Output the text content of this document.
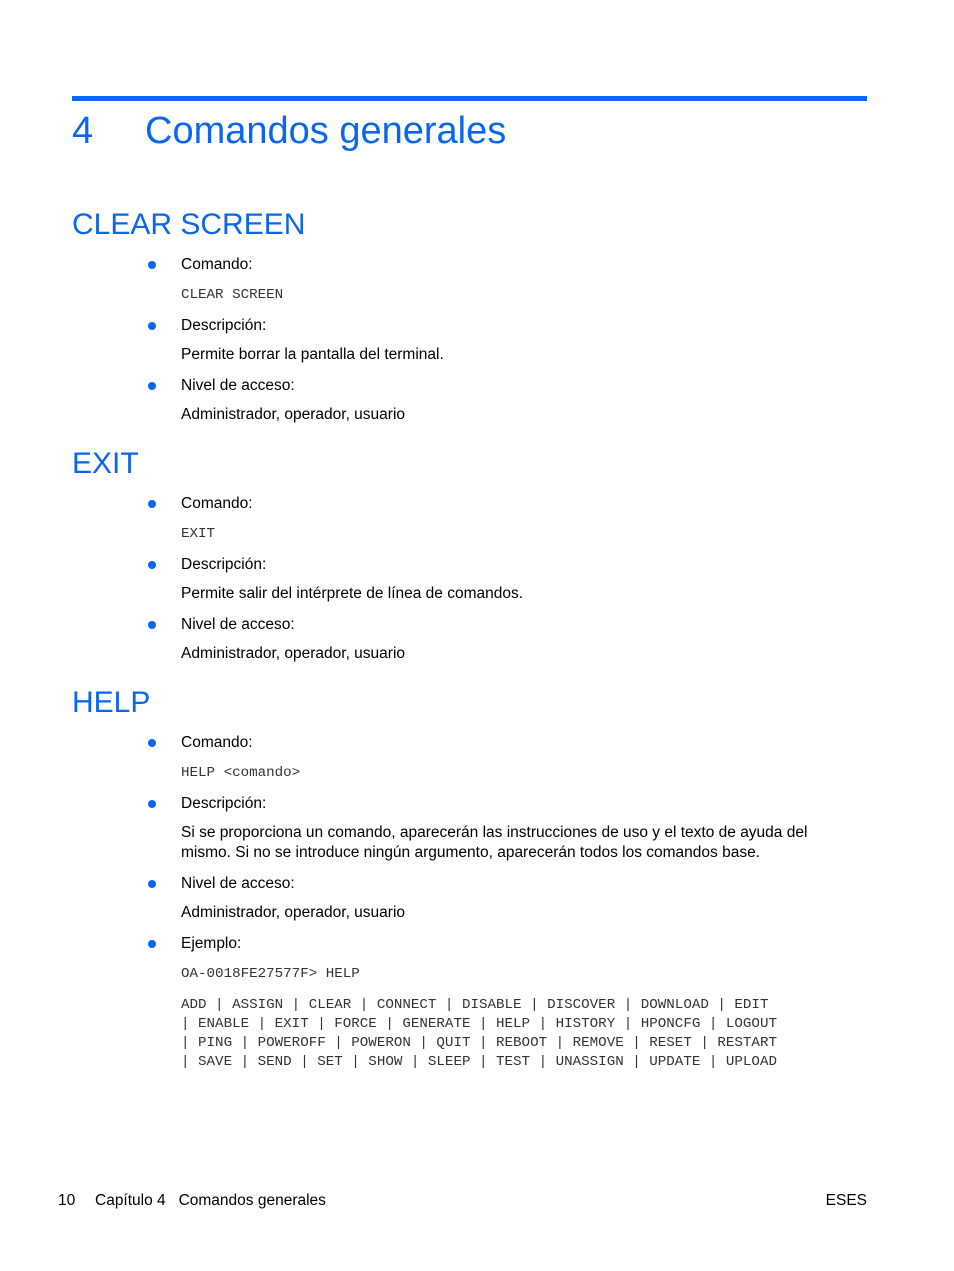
4 Comandos generales
CLEAR SCREEN
Comando:
CLEAR SCREEN
Descripción:
Permite borrar la pantalla del terminal.
Nivel de acceso:
Administrador, operador, usuario
EXIT
Comando:
EXIT
Descripción:
Permite salir del intérprete de línea de comandos.
Nivel de acceso:
Administrador, operador, usuario
HELP
Comando:
HELP <comando>
Descripción:
Si se proporciona un comando, aparecerán las instrucciones de uso y el texto de ayuda del mismo. Si no se introduce ningún argumento, aparecerán todos los comandos base.
Nivel de acceso:
Administrador, operador, usuario
Ejemplo:
OA-0018FE27577F> HELP
ADD | ASSIGN | CLEAR | CONNECT | DISABLE | DISCOVER | DOWNLOAD | EDIT
| ENABLE | EXIT | FORCE | GENERATE | HELP | HISTORY | HPONCFG | LOGOUT
| PING | POWEROFF | POWERON | QUIT | REBOOT | REMOVE | RESET | RESTART
| SAVE | SEND | SET | SHOW | SLEEP | TEST | UNASSIGN | UPDATE | UPLOAD
10 Capítulo 4   Comandos generales	ESES
